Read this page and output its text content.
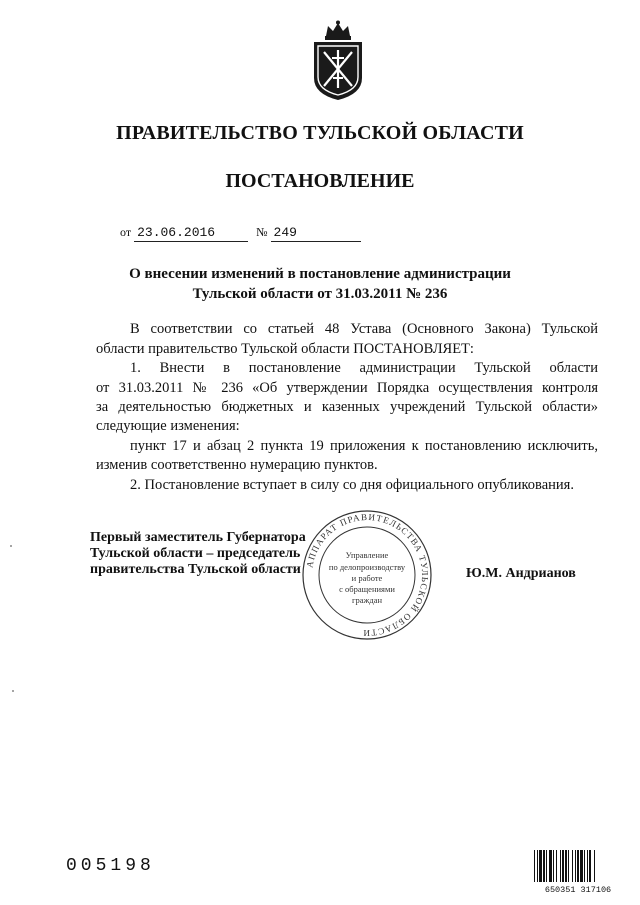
ПРАВИТЕЛЬСТВО ТУЛЬСКОЙ ОБЛАСТИ
ПОСТАНОВЛЕНИЕ
от 23.06.2016	№ 249
О внесении изменений в постановление администрации
Тульской области от 31.03.2011 № 236
В соответствии со статьей 48 Устава (Основного Закона) Тульской
области правительство Тульской области ПОСТАНОВЛЯЕТ:
1. Внести в постановление администрации Тульской области
от 31.03.2011 № 236 «Об утверждении Порядка осуществления контроля
за деятельностью бюджетных и казенных учреждений Тульской области»
следующие изменения:
пункт 17 и абзац 2 пункта 19 приложения к постановлению исключить,
изменив соответственно нумерацию пунктов.
2. Постановление вступает в силу со дня официального опубликования.
Первый заместитель Губернатора
Тульской области – председатель
правительства Тульской области АППАРАТ ПРАВИТЕЛЬСТВА ТУЛЬСКОЙ ОБЛАСТИ
Управление
по делопроизводству
и работе
с обращениями
граждан
Ю.М. Андрианов
005198
650351 317106
